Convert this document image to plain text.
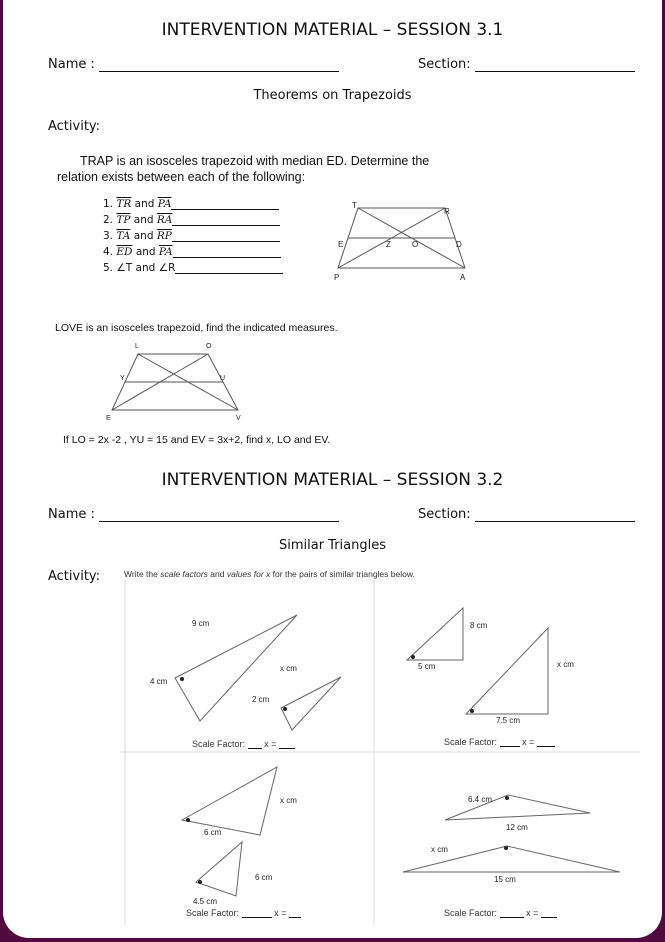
INTERVENTION MATERIAL – SESSION 3.1
Name :	Section:
Theorems on Trapezoids
Activity:
TRAP is an isosceles trapezoid with median ED. Determine the
relation exists between each of the following:
1. $\overline{TR}$ and $\overline{PA}$
2. $\overline{TP}$ and $\overline{RA}$
3. $\overline{TA}$ and $\overline{RP}$
4. $\overline{ED}$ and $\overline{PA}$
5. ∠T and ∠R
T
R
E	Z	O	D
P	A
LOVE is an isosceles trapezoid, find the indicated measures.
L	O
Y	U
E	V
If LO = 2x -2 , YU = 15 and EV = 3x+2, find x, LO and EV.
INTERVENTION MATERIAL – SESSION 3.2
Name :	Section:
Similar Triangles
Activity:	Write the scale factors and values for x for the pairs of similar triangles below.
9 cm
4 cm
x cm
2 cm
8 cm
5 cm	x cm
7.5 cm
x cm
6 cm
6 cm
4.5 cm
6.4 cm
12 cm
x cm
15 cm
Scale Factor: x =	Scale Factor:	x =
Scale Factor:	x =	Scale Factor:	x =
